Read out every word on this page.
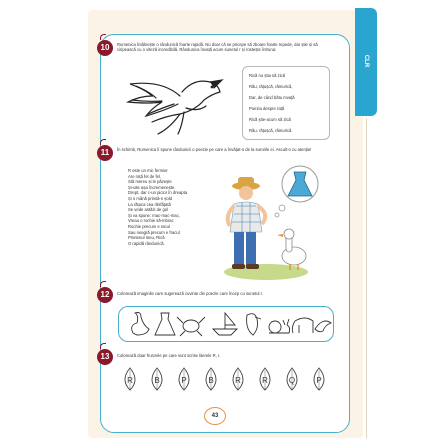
CLR
10	Rumenica întâlnește o rândunică foarte rapidă. Nu doar că se pricepe să zboare foarte repede, dar știe și să ciripească cu o viteză incredibilă. Rândunica învață acum sunetul r și rostește întruna:
Rică nu știa să zică
Rău, rățușcă, rămurică,
Dar, de când bătu mvață
Poezia despre rață
Rică știe-acum să zică
Rău, rățușcă, rămurică.
11	În schimb, Rumenica îi spune rândunicii o poezie pe care a învățat-o de la surorile ei. Ascult-o cu atenție!
R este un mic fermier
Are rață fel de fel,
Stă mereu și le păzește
Și-uite așa încremenește.
Drept, dar c-un picior în dreapta
Și o mână prinsă-n șold
La rățuca cea răsfățată
Se vede astăzi de gol
Și va spune: mac-mac-mac,
Vreau o rochie să-mbrac
Rochie precum e racul
Sau neagră precum e fracul
Prietenul meu, Rică
O rapidă rândunică.
12	Colorează imaginile care sugerează cuvinte din poezie care încep cu sunetul r.
13	Colorează doar frunzele pe care sunt scrise literele R, r.
R	B	P	B	R	R	Q	P
43
